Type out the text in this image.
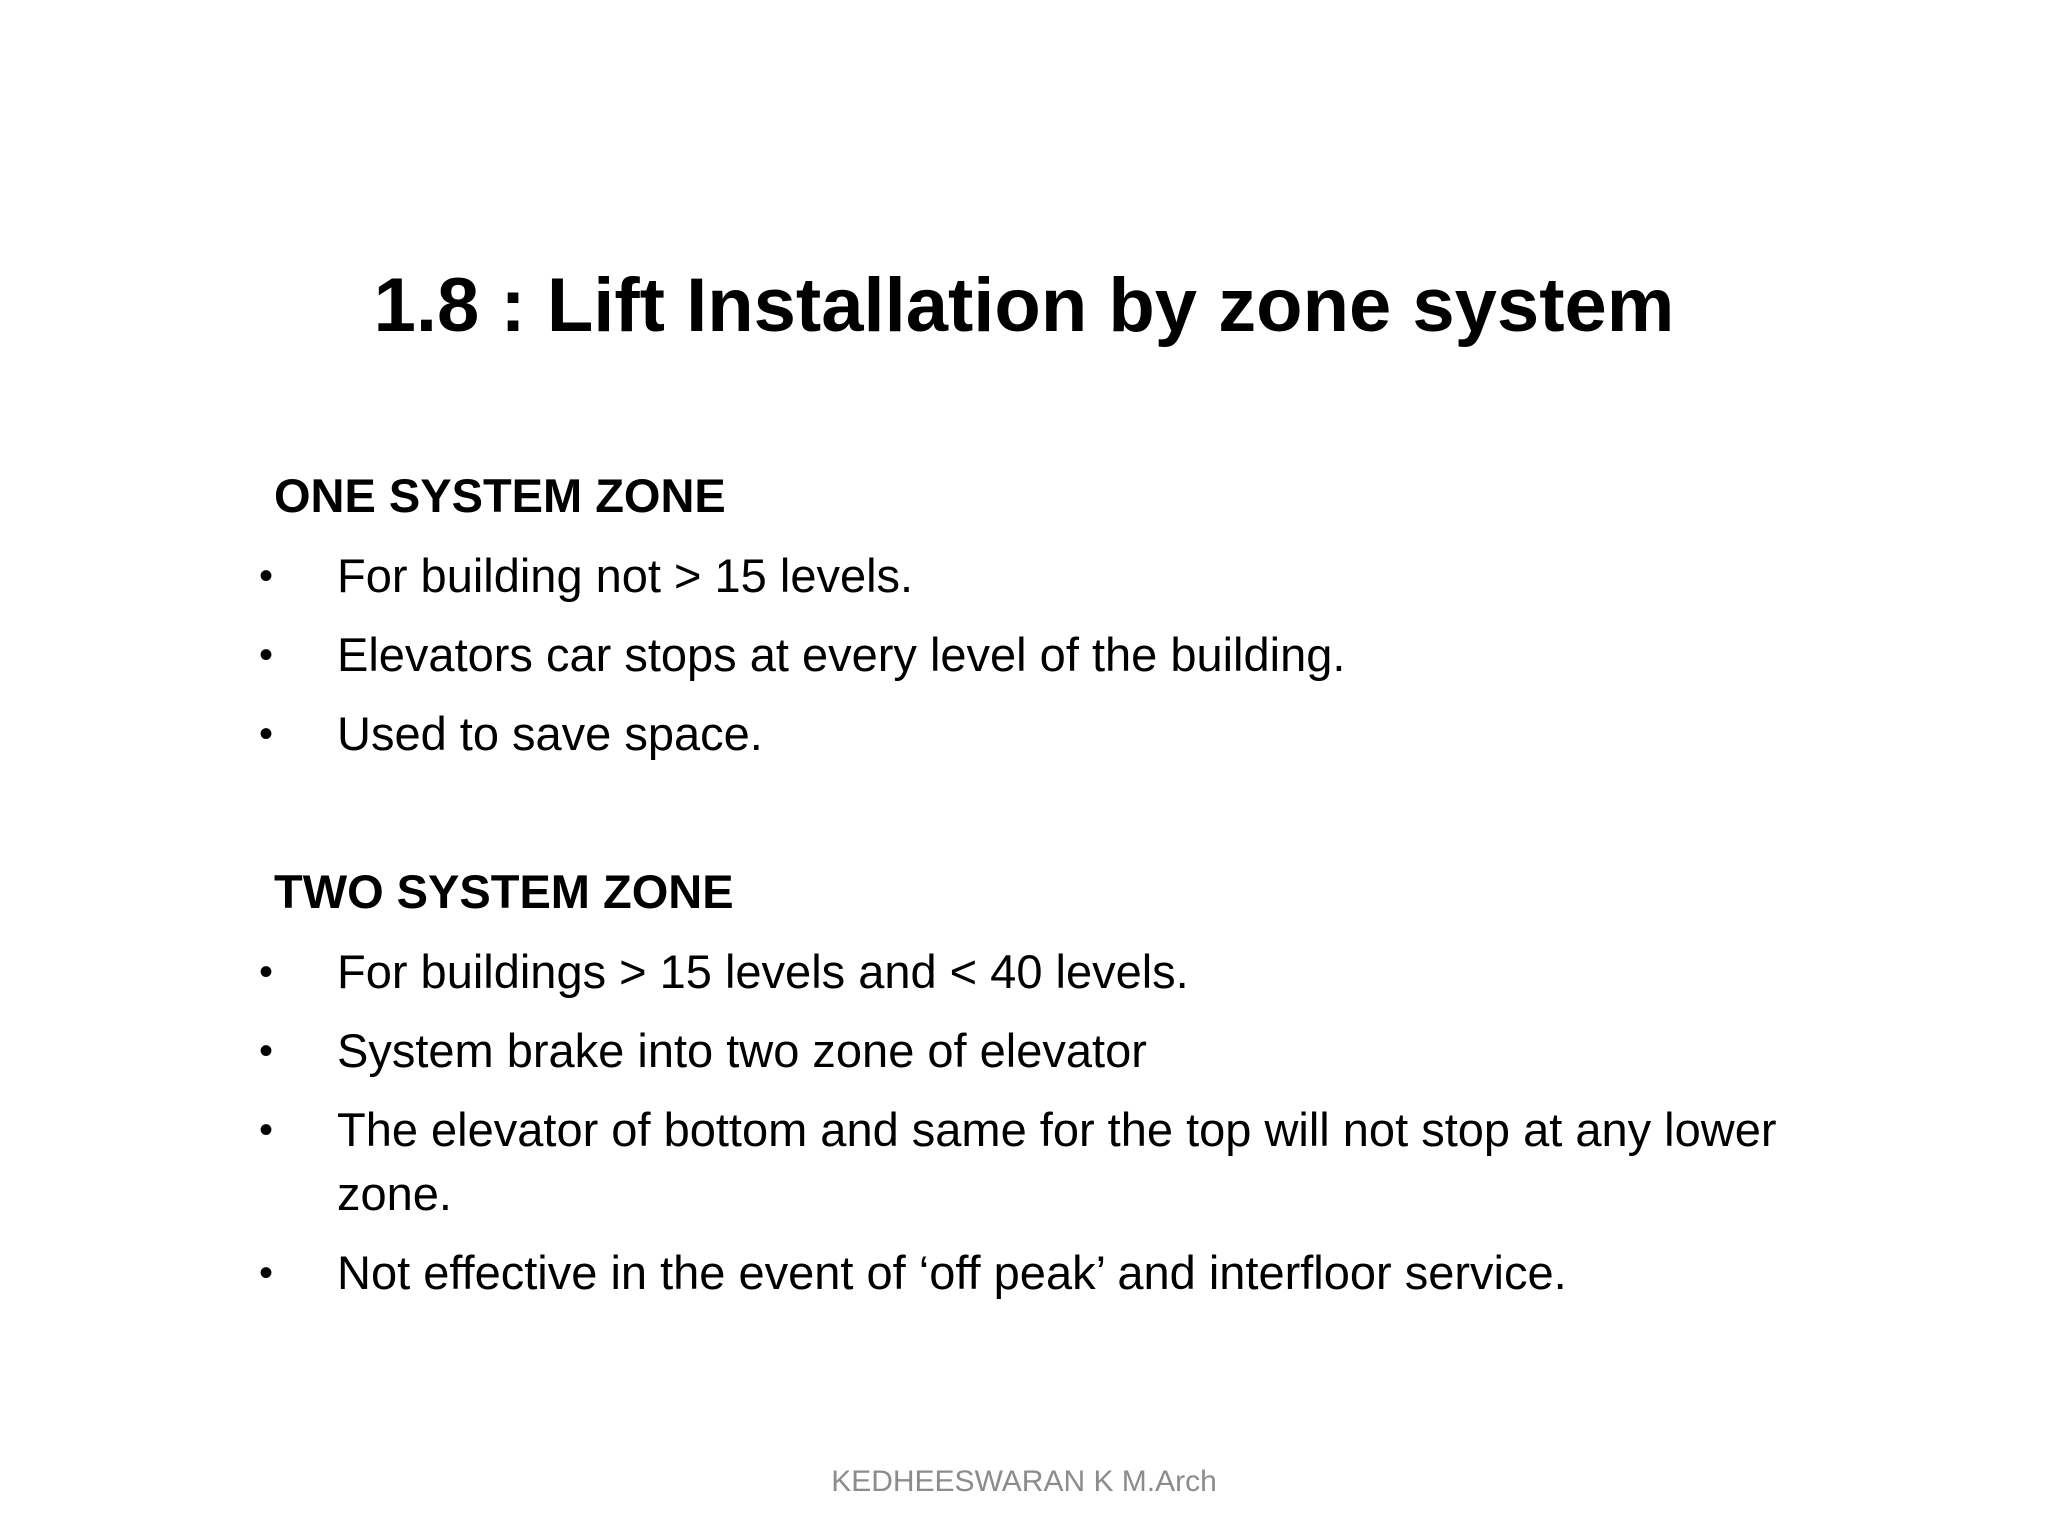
1.8 : Lift Installation by zone system
ONE SYSTEM ZONE
• For building not > 15 levels.
• Elevators car stops at every level of the building.
• Used to save space.
TWO SYSTEM ZONE
• For buildings > 15 levels and < 40 levels.
• System brake into two zone of elevator
• The elevator of bottom and same for the top will not stop at any lower zone.
• Not effective in the event of ‘off peak’ and interfloor service.
KEDHEESWARAN K M.Arch
